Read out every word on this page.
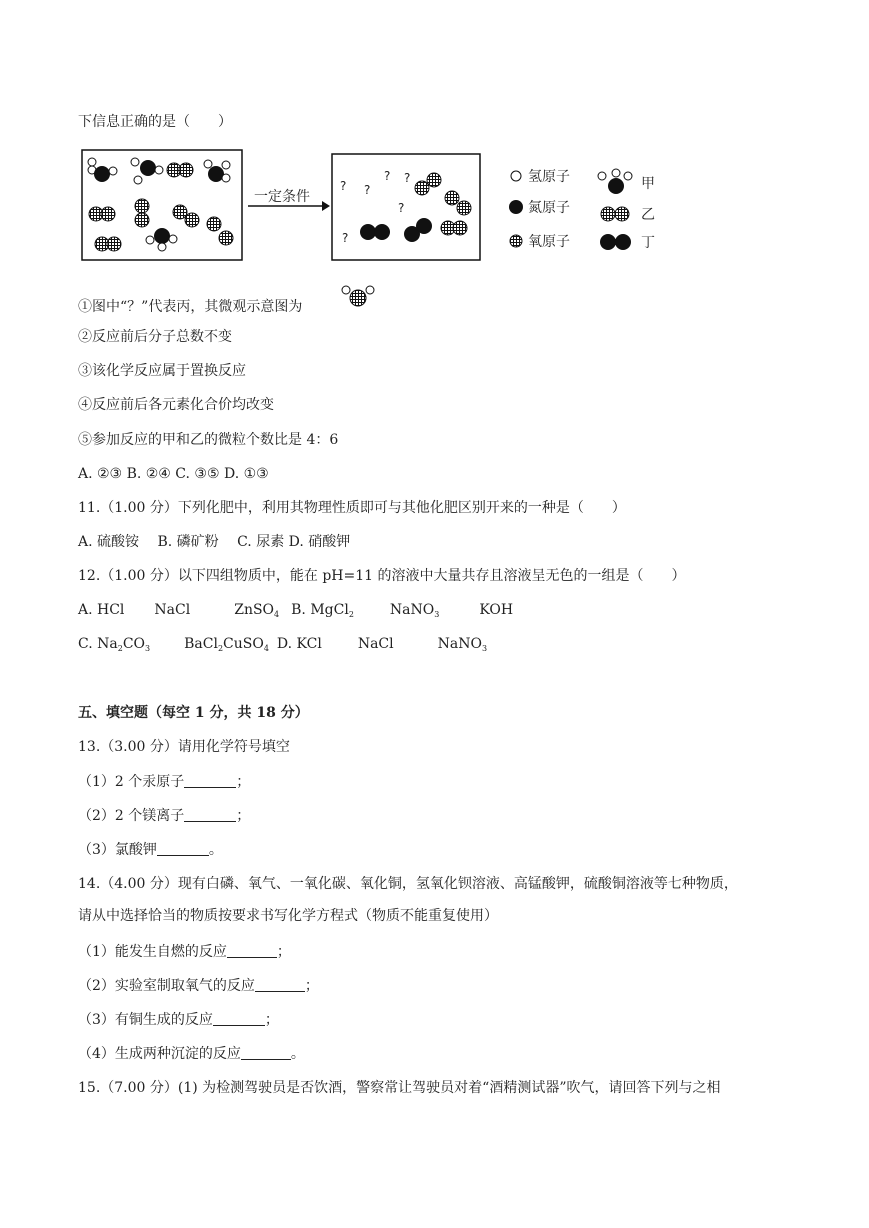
下信息正确的是（　　）
一定条件
? ?
? ?
?
?
氢原子
氮原子
氧原子
甲
乙
丁
①图中“？”代表丙，其微观示意图为
②反应前后分子总数不变
③该化学反应属于置换反应
④反应前后各元素化合价均改变
⑤参加反应的甲和乙的微粒个数比是 4：6
A. ②③ B. ②④ C. ③⑤ D. ①③
11.（1.00 分）下列化肥中，利用其物理性质即可与其他化肥区别开来的一种是（　　）
A. 硫酸铵　 B. 磷矿粉　 C. 尿素 D. 硝酸钾
12.（1.00 分）以下四组物质中，能在 pH=11 的溶液中大量共存且溶液呈无色的一组是（　　）
A. HCl NaCl	ZnSO$_4$ B. MgCl$_2$	NaNO$_3$	KOH
C. $Na_2CO_3$ BaCl$_2$CuSO$_4$ D. KCl	NaCl	NaNO$_3$
五、填空题（每空 1 分，共 18 分）
13.（3.00 分）请用化学符号填空
（1）2 个汞原子	；
（2）2 个镁离子	；
（3）氯酸钾	。
14.（4.00 分）现有白磷、氧气、一氧化碳、氧化铜，氢氧化钡溶液、高锰酸钾，硫酸铜溶液等七种物质，
请从中选择恰当的物质按要求书写化学方程式（物质不能重复使用）
（1）能发生自燃的反应	；
（2）实验室制取氧气的反应	；
（3）有铜生成的反应	；
（4）生成两种沉淀的反应	。
15.（7.00 分）(1) 为检测驾驶员是否饮酒，警察常让驾驶员对着“酒精测试器”吹气，请回答下列与之相
